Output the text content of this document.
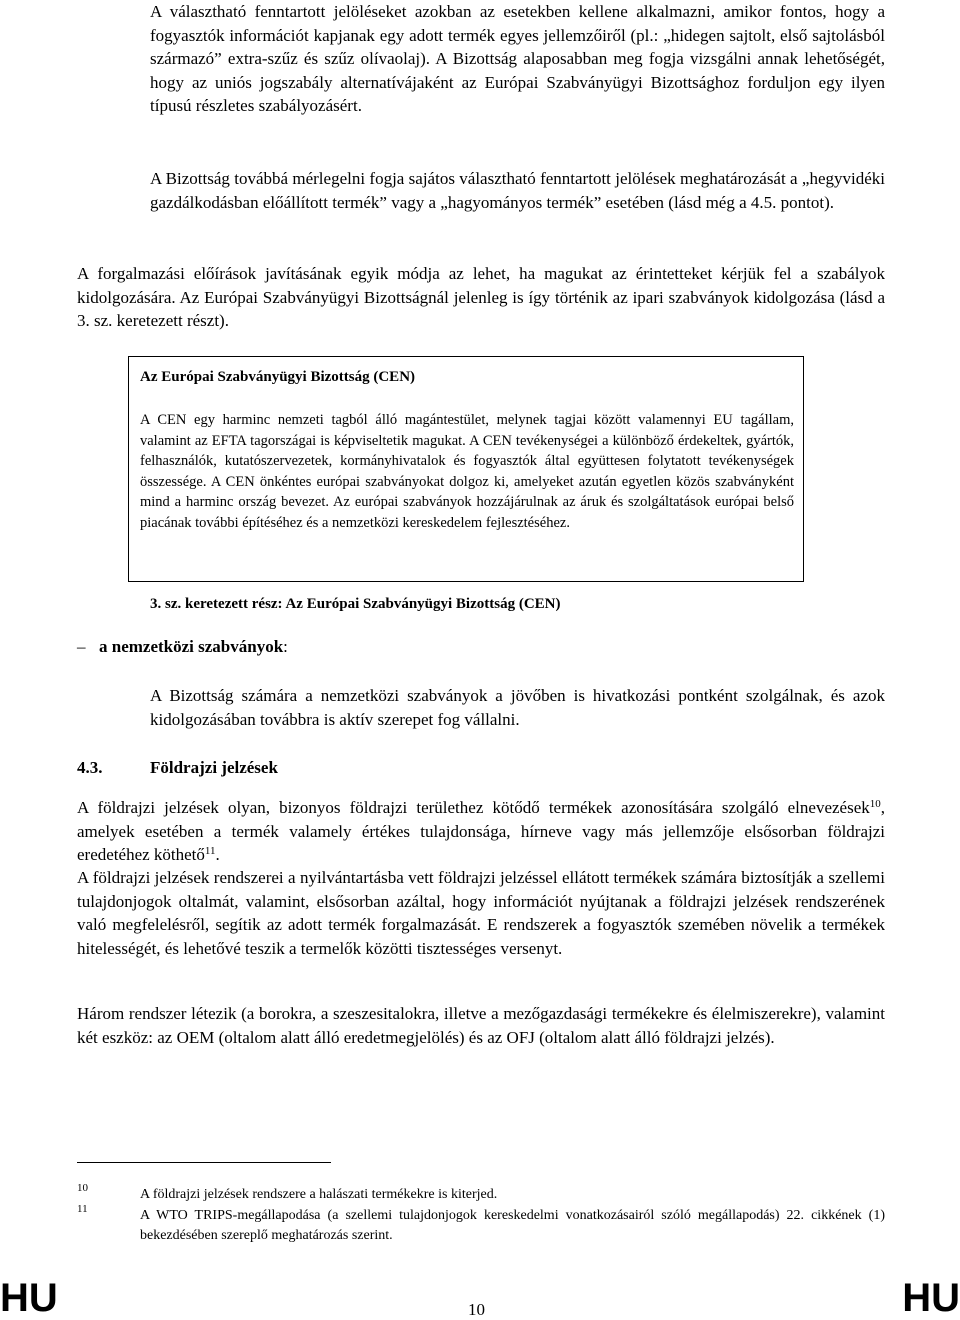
A választható fenntartott jelöléseket azokban az esetekben kellene alkalmazni, amikor fontos, hogy a fogyasztók információt kapjanak egy adott termék egyes jellemzőiről (pl.: „hidegen sajtolt, első sajtolásból származó” extra-szűz és szűz olívaolaj). A Bizottság alaposabban meg fogja vizsgálni annak lehetőségét, hogy az uniós jogszabály alternatívájaként az Európai Szabványügyi Bizottsághoz forduljon egy ilyen típusú részletes szabályozásért.

A Bizottság továbbá mérlegelni fogja sajátos választható fenntartott jelölések meghatározását a „hegyvidéki gazdálkodásban előállított termék” vagy a „hagyományos termék” esetében (lásd még a 4.5. pontot).

A forgalmazási előírások javításának egyik módja az lehet, ha magukat az érintetteket kérjük fel a szabályok kidolgozására. Az Európai Szabványügyi Bizottságnál jelenleg is így történik az ipari szabványok kidolgozása (lásd a 3. sz. keretezett részt).

Az Európai Szabványügyi Bizottság (CEN)

A CEN egy harminc nemzeti tagból álló magántestület, melynek tagjai között valamennyi EU tagállam, valamint az EFTA tagországai is képviseltetik magukat. A CEN tevékenységei a különböző érdekeltek, gyártók, felhasználók, kutatószervezetek, kormányhivatalok és fogyasztók által együttesen folytatott tevékenységek összessége. A CEN önkéntes európai szabványokat dolgoz ki, amelyeket azután egyetlen közös szabványként mind a harminc ország bevezet. Az európai szabványok hozzájárulnak az áruk és szolgáltatások európai belső piacának további építéséhez és a nemzetközi kereskedelem fejlesztéséhez.

3. sz. keretezett rész: Az Európai Szabványügyi Bizottság (CEN)

– a nemzetközi szabványok:

A Bizottság számára a nemzetközi szabványok a jövőben is hivatkozási pontként szolgálnak, és azok kidolgozásában továbbra is aktív szerepet fog vállalni.

4.3.	Földrajzi jelzések

A földrajzi jelzések olyan, bizonyos földrajzi területhez kötődő termékek azonosítására szolgáló elnevezések$^{10}$, amelyek esetében a termék valamely értékes tulajdonsága, hírneve vagy más jellemzője elsősorban földrajzi eredetéhez köthető$^{11}$.

A földrajzi jelzések rendszerei a nyilvántartásba vett földrajzi jelzéssel ellátott termékek számára biztosítják a szellemi tulajdonjogok oltalmát, valamint, elsősorban azáltal, hogy információt nyújtanak a földrajzi jelzések rendszerének való megfelelésről, segítik az adott termék forgalmazását. E rendszerek a fogyasztók szemében növelik a termékek hitelességét, és lehetővé teszik a termelők közötti tisztességes versenyt.

Három rendszer létezik (a borokra, a szeszesitalokra, illetve a mezőgazdasági termékekre és élelmiszerekre), valamint két eszköz: az OEM (oltalom alatt álló eredetmegjelölés) és az OFJ (oltalom alatt álló földrajzi jelzés).

10	A földrajzi jelzések rendszere a halászati termékekre is kiterjed.

11	A WTO TRIPS-megállapodása (a szellemi tulajdonjogok kereskedelmi vonatkozásairól szóló megállapodás) 22. cikkének (1) bekezdésében szereplő meghatározás szerint.

HU	10	HU
